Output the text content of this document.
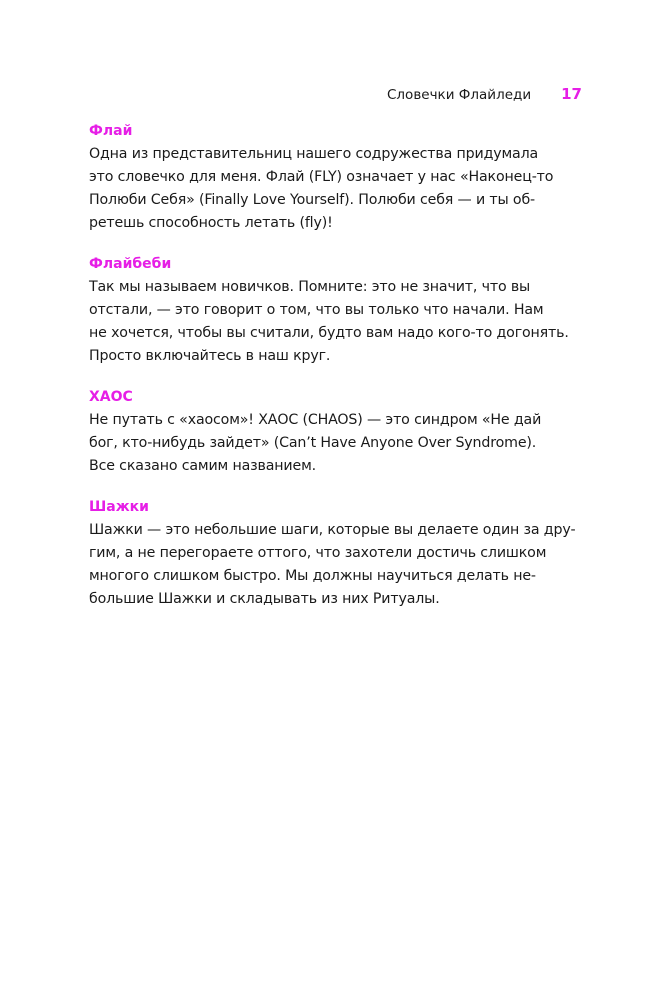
Словечки Флайледи 17
Флай
Одна из представительниц нашего содружества придумала
это словечко для меня. Флай (FLY) означает у нас «Наконец-то
Полюби Себя» (Finally Love Yourself). Полюби себя — и ты об-
ретешь способность летать (fly)!
Флайбеби
Так мы называем новичков. Помните: это не значит, что вы
отстали, — это говорит о том, что вы только что начали. Нам
не хочется, чтобы вы считали, будто вам надо кого-то догонять.
Просто включайтесь в наш круг.
ХАОС
Не путать с «хаосом»! ХАОС (CHAOS) — это синдром «Не дай
бог, кто-нибудь зайдет» (Can’t Have Anyone Over Syndrome).
Все сказано самим названием.
Шажки
Шажки — это небольшие шаги, которые вы делаете один за дру-
гим, а не перегораете оттого, что захотели достичь слишком
многого слишком быстро. Мы должны научиться делать не-
большие Шажки и складывать из них Ритуалы.
